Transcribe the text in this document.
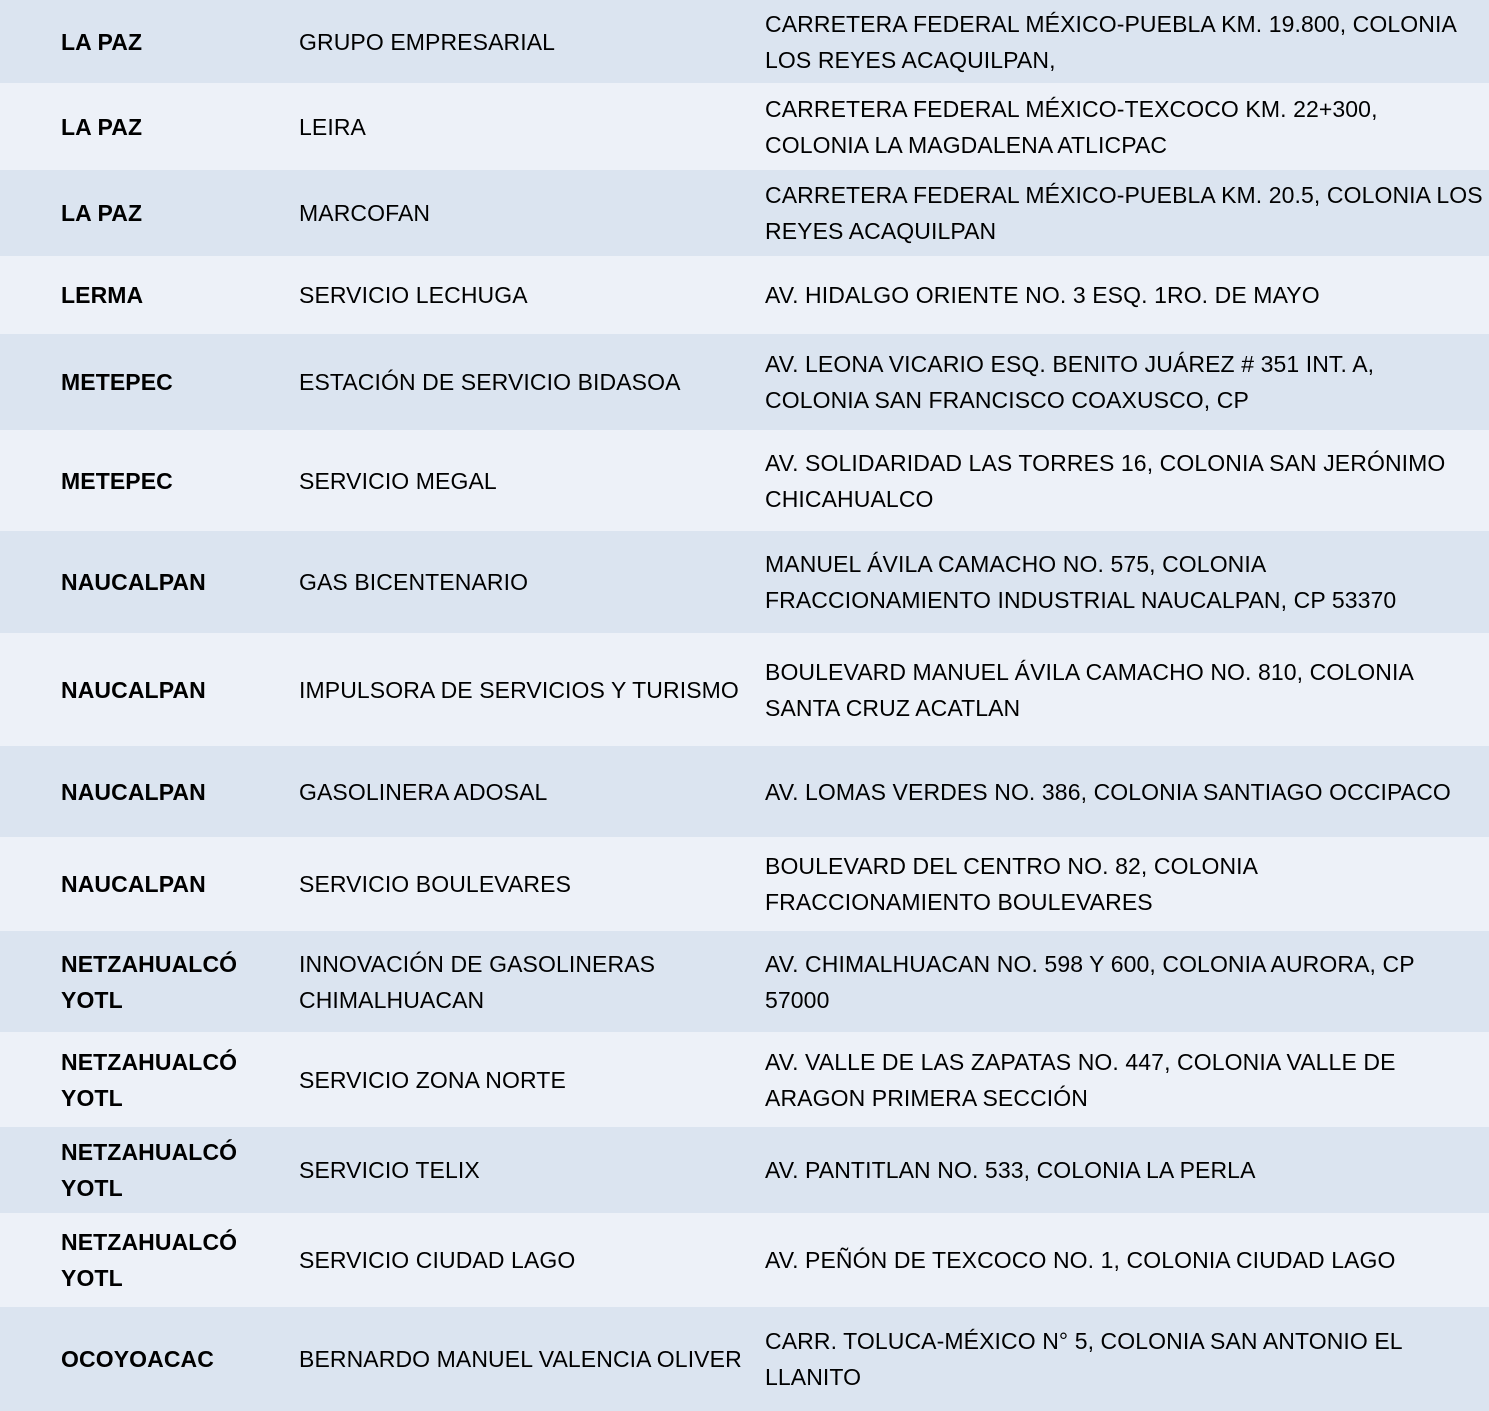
LA PAZ	GRUPO EMPRESARIAL	CARRETERA FEDERAL MÉXICO-PUEBLA KM. 19.800, COLONIA LOS REYES ACAQUILPAN,
LA PAZ	LEIRA	CARRETERA FEDERAL MÉXICO-TEXCOCO KM. 22+300, COLONIA LA MAGDALENA ATLICPAC
LA PAZ	MARCOFAN	CARRETERA FEDERAL MÉXICO-PUEBLA KM. 20.5, COLONIA LOS REYES ACAQUILPAN
LERMA	SERVICIO LECHUGA	AV. HIDALGO ORIENTE NO. 3 ESQ. 1RO. DE MAYO
METEPEC	ESTACIÓN DE SERVICIO BIDASOA	AV. LEONA VICARIO ESQ. BENITO JUÁREZ # 351 INT. A, COLONIA SAN FRANCISCO COAXUSCO, CP
METEPEC	SERVICIO MEGAL	AV. SOLIDARIDAD LAS TORRES 16, COLONIA SAN JERÓNIMO CHICAHUALCO
NAUCALPAN	GAS BICENTENARIO	MANUEL ÁVILA CAMACHO NO. 575, COLONIA FRACCIONAMIENTO INDUSTRIAL NAUCALPAN, CP 53370
NAUCALPAN	IMPULSORA DE SERVICIOS Y TURISMO	BOULEVARD MANUEL ÁVILA CAMACHO NO. 810, COLONIA SANTA CRUZ ACATLAN
NAUCALPAN	GASOLINERA ADOSAL	AV. LOMAS VERDES NO. 386, COLONIA SANTIAGO OCCIPACO
NAUCALPAN	SERVICIO BOULEVARES	BOULEVARD DEL CENTRO NO. 82, COLONIA FRACCIONAMIENTO BOULEVARES
NETZAHUALCÓ YOTL	INNOVACIÓN DE GASOLINERAS CHIMALHUACAN	AV. CHIMALHUACAN NO. 598 Y 600, COLONIA AURORA, CP 57000
NETZAHUALCÓ YOTL	SERVICIO ZONA NORTE	AV. VALLE DE LAS ZAPATAS NO. 447, COLONIA VALLE DE ARAGON PRIMERA SECCIÓN
NETZAHUALCÓ YOTL	SERVICIO TELIX	AV. PANTITLAN NO. 533, COLONIA LA PERLA
NETZAHUALCÓ YOTL	SERVICIO CIUDAD LAGO	AV. PEÑÓN DE TEXCOCO NO. 1, COLONIA CIUDAD LAGO
OCOYOACAC	BERNARDO MANUEL VALENCIA OLIVER	CARR. TOLUCA-MÉXICO N° 5, COLONIA SAN ANTONIO EL LLANITO
